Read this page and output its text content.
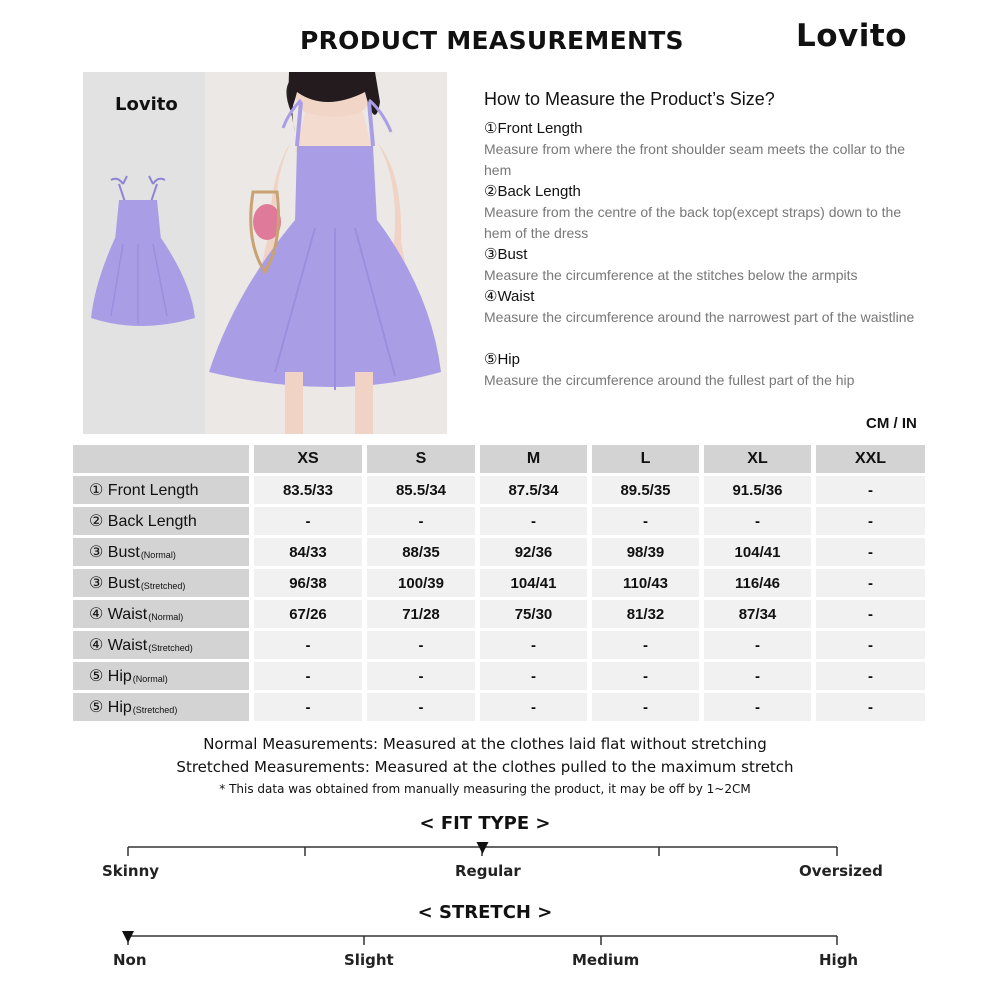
PRODUCT MEASUREMENTS	Lovito
Lovito	How to Measure the Product’s Size?
①Front Length
Measure from where the front shoulder seam meets the collar to the hem
②Back Length
Measure from the centre of the back top(except straps) down to the hem of the dress
③Bust
Measure the circumference at the stitches below the armpits
④Waist
Measure the circumference around the narrowest part of the waistline
⑤Hip
Measure the circumference around the fullest part of the hip
CM / IN
XS	S	M	L	XL	XXL
① Front Length	83.5/33	85.5/34	87.5/34	89.5/35	91.5/36	-
② Back Length	-	-	-	-	-	-
③ Bust$_{(Normal)}$	84/33	88/35	92/36	98/39	104/41	-
③ Bust$_{(Stretched)}$	96/38	100/39	104/41	110/43	116/46	-
④ Waist$_{(Normal)}$	67/26	71/28	75/30	81/32	87/34	-
④ Waist$_{(Stretched)}$	-	-	-	-	-	-
⑤ Hip$_{(Normal)}$	-	-	-	-	-	-
⑤ Hip$_{(Stretched)}$	-	-	-	-	-	-
Normal Measurements: Measured at the clothes laid flat without stretching
Stretched Measurements: Measured at the clothes pulled to the maximum stretch
* This data was obtained from manually measuring the product, it may be off by 1~2CM
< FIT TYPE >
Skinny	Regular	Oversized
< STRETCH >
Non	Slight	Medium	High
